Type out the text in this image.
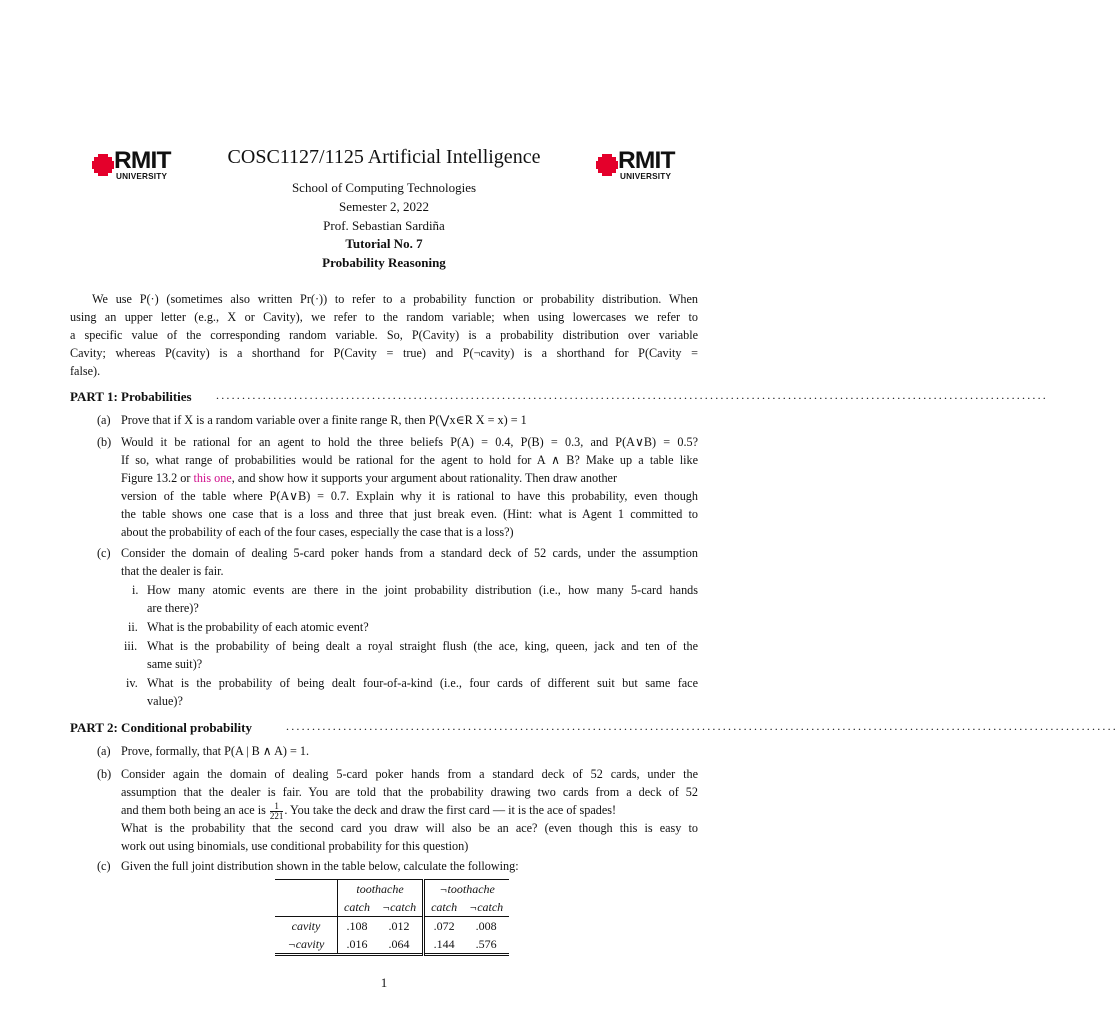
RMIT
UNIVERSITY
RMIT
UNIVERSITY
COSC1127/1125 Artificial Intelligence
School of Computing Technologies
Semester 2, 2022
Prof. Sebastian Sardiña
Tutorial No. 7
Probability Reasoning
We use P(·) (sometimes also written Pr(·)) to refer to a probability function or probability distribution. When
using an upper letter (e.g., X or Cavity), we refer to the random variable; when using lowercases we refer to
a specific value of the corresponding random variable. So, P(Cavity) is a probability distribution over variable
Cavity; whereas P(cavity) is a shorthand for P(Cavity = true) and P(¬cavity) is a shorthand for P(Cavity =
false).
PART 1: Probabilities ................................................................................................................................................................
(a) Prove that if X is a random variable over a finite range R, then P(⋁x∈R X = x) = 1
(b) Would it be rational for an agent to hold the three beliefs P(A) = 0.4, P(B) = 0.3, and P(A∨B) = 0.5?
If so, what range of probabilities would be rational for the agent to hold for A ∧ B? Make up a table like
Figure 13.2 or this one, and show how it supports your argument about rationality. Then draw another
version of the table where P(A∨B) = 0.7. Explain why it is rational to have this probability, even though
the table shows one case that is a loss and three that just break even. (Hint: what is Agent 1 committed to
about the probability of each of the four cases, especially the case that is a loss?)
(c) Consider the domain of dealing 5-card poker hands from a standard deck of 52 cards, under the assumption
that the dealer is fair.
i. How many atomic events are there in the joint probability distribution (i.e., how many 5-card hands
are there)?
ii. What is the probability of each atomic event?
iii. What is the probability of being dealt a royal straight flush (the ace, king, queen, jack and ten of the
same suit)?
iv. What is the probability of being dealt four-of-a-kind (i.e., four cards of different suit but same face
value)?
PART 2: Conditional probability	................................................................................................................................................................
(a) Prove, formally, that P(A | B ∧ A) = 1.
(b) Consider again the domain of dealing 5-card poker hands from a standard deck of 52 cards, under the
assumption that the dealer is fair. You are told that the probability drawing two cards from a deck of 52
and them both being an ace is $\frac{1}{221}$ . You take the deck and draw the first card — it is the ace of spades!
What is the probability that the second card you draw will also be an ace? (even though this is easy to
work out using binomials, use conditional probability for this question)
(c) Given the full joint distribution shown in the table below, calculate the following:
	toothache		¬toothache	
	catch	¬catch	catch	¬catch
cavity	.108	.012	.072	.008
¬cavity	.016	.064	.144	.576
1
